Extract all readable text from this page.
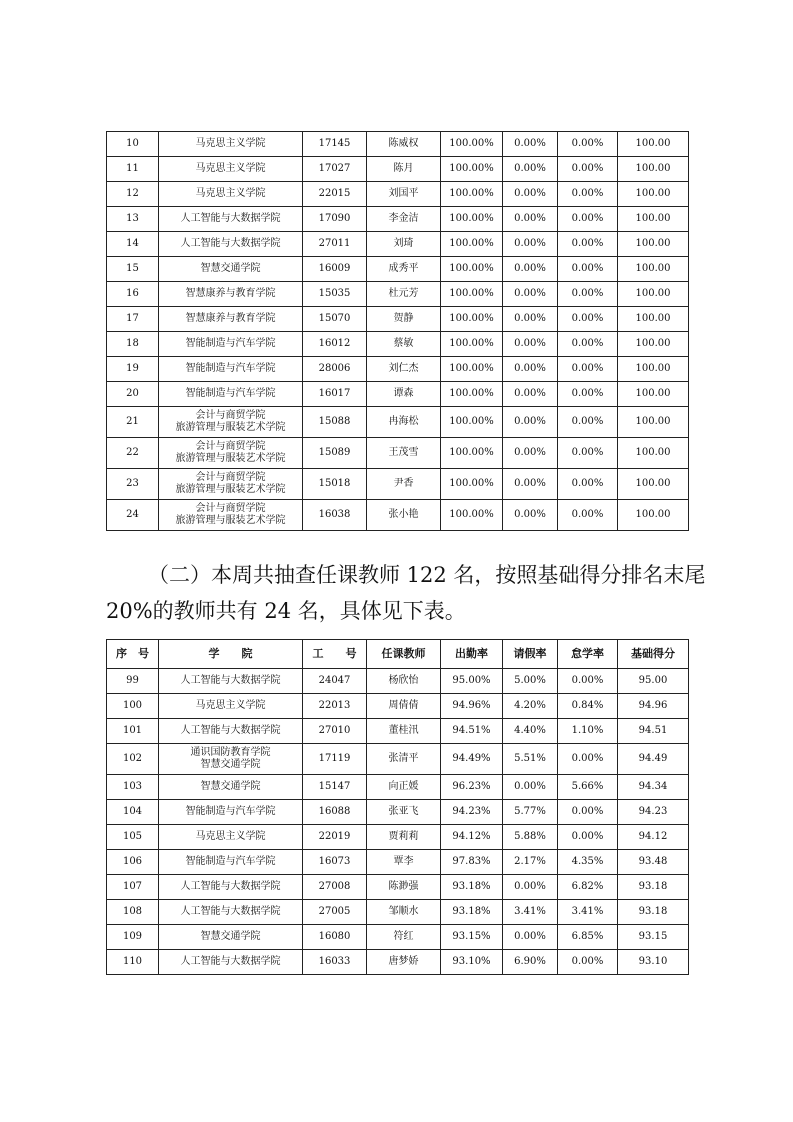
10	马克思主义学院	17145	陈威权	100.00%	0.00%	0.00%	100.00
11	马克思主义学院	17027	陈月	100.00%	0.00%	0.00%	100.00
12	马克思主义学院	22015	刘国平	100.00%	0.00%	0.00%	100.00
13	人工智能与大数据学院	17090	李金洁	100.00%	0.00%	0.00%	100.00
14	人工智能与大数据学院	27011	刘琦	100.00%	0.00%	0.00%	100.00
15	智慧交通学院	16009	成秀平	100.00%	0.00%	0.00%	100.00
16	智慧康养与教育学院	15035	杜元芳	100.00%	0.00%	0.00%	100.00
17	智慧康养与教育学院	15070	贺静	100.00%	0.00%	0.00%	100.00
18	智能制造与汽车学院	16012	蔡敏	100.00%	0.00%	0.00%	100.00
19	智能制造与汽车学院	28006	刘仁杰	100.00%	0.00%	0.00%	100.00
20	智能制造与汽车学院	16017	谭森	100.00%	0.00%	0.00%	100.00
21	会计与商贸学院
旅游管理与服装艺术学院	15088	冉海松	100.00%	0.00%	0.00%	100.00
22	会计与商贸学院
旅游管理与服装艺术学院	15089	王茂雪	100.00%	0.00%	0.00%	100.00
23	会计与商贸学院
旅游管理与服装艺术学院	15018	尹香	100.00%	0.00%	0.00%	100.00
24	会计与商贸学院
旅游管理与服装艺术学院	16038	张小艳	100.00%	0.00%	0.00%	100.00
（二）本周共抽查任课教师 122 名，按照基础得分排名末尾
20%的教师共有 24 名，具体见下表。
序　号	学　　院	工　　号	任课教师	出勤率	请假率	怠学率	基础得分
99	人工智能与大数据学院	24047	杨欣怡	95.00%	5.00%	0.00%	95.00
100	马克思主义学院	22013	周倩倩	94.96%	4.20%	0.84%	94.96
101	人工智能与大数据学院	27010	董桂汛	94.51%	4.40%	1.10%	94.51
102	通识国防教育学院
智慧交通学院	17119	张清平	94.49%	5.51%	0.00%	94.49
103	智慧交通学院	15147	向正媛	96.23%	0.00%	5.66%	94.34
104	智能制造与汽车学院	16088	张亚飞	94.23%	5.77%	0.00%	94.23
105	马克思主义学院	22019	贾莉莉	94.12%	5.88%	0.00%	94.12
106	智能制造与汽车学院	16073	覃李	97.83%	2.17%	4.35%	93.48
107	人工智能与大数据学院	27008	陈渺强	93.18%	0.00%	6.82%	93.18
108	人工智能与大数据学院	27005	邹顺水	93.18%	3.41%	3.41%	93.18
109	智慧交通学院	16080	符红	93.15%	0.00%	6.85%	93.15
110	人工智能与大数据学院	16033	唐梦娇	93.10%	6.90%	0.00%	93.10
